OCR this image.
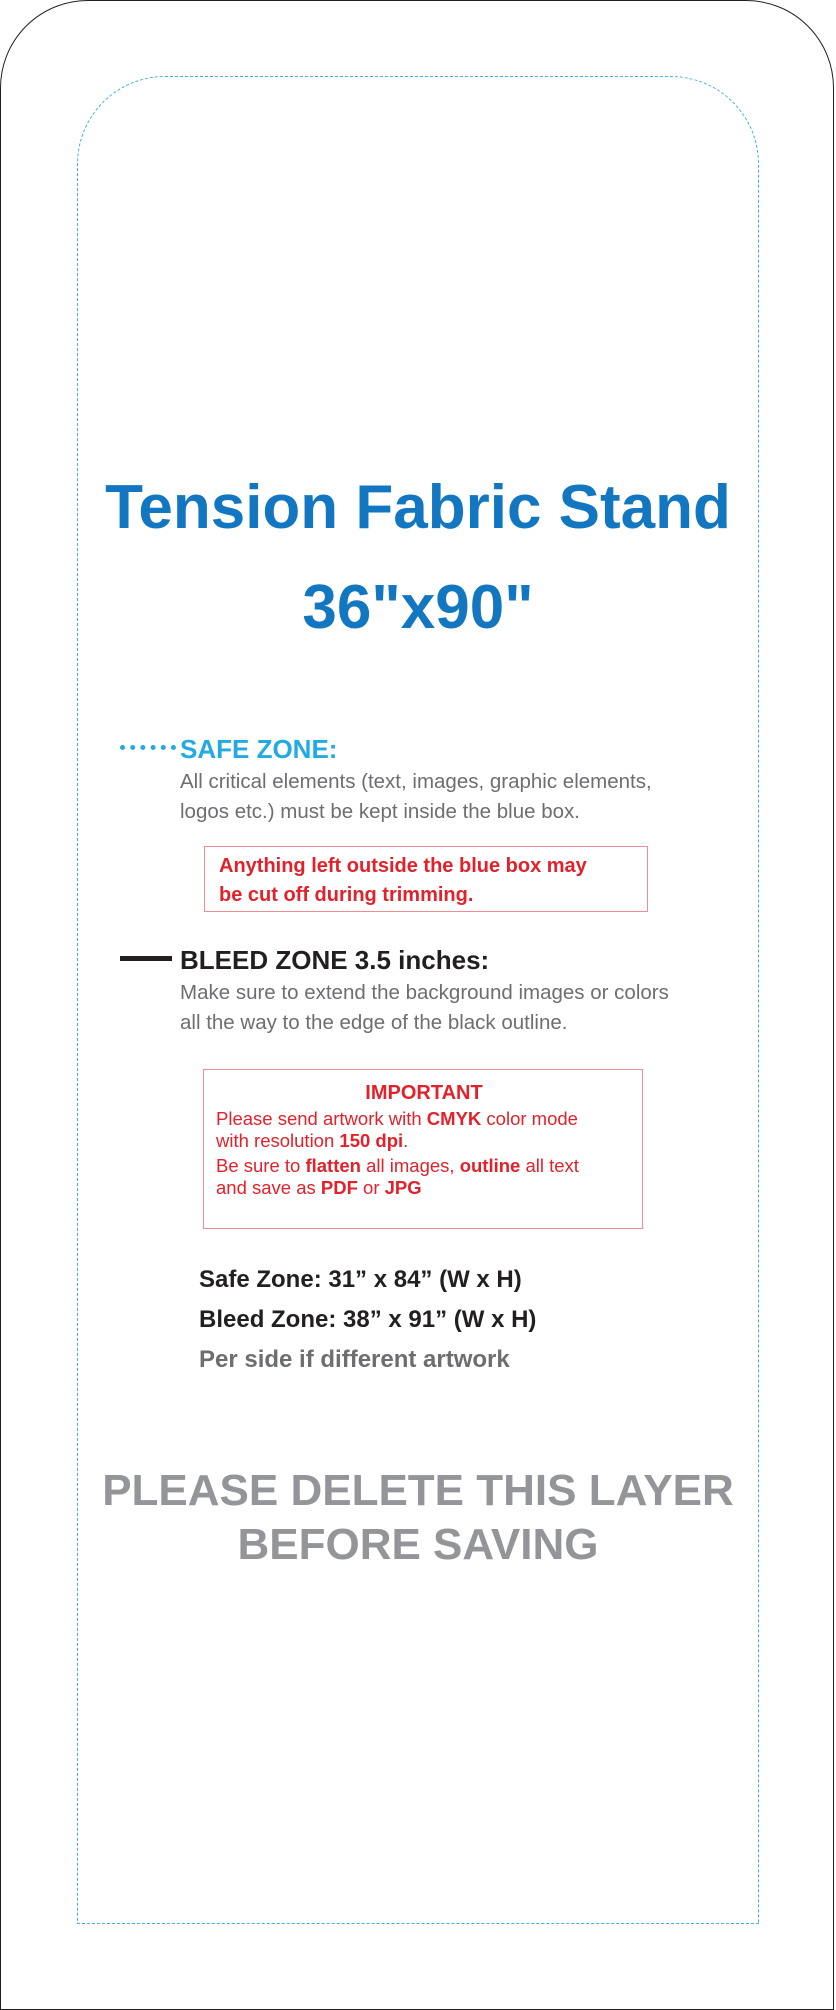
Tension Fabric Stand
36"x90"
SAFE ZONE:
All critical elements (text, images, graphic elements,
logos etc.) must be kept inside the blue box.
Anything left outside the blue box may
be cut off during trimming.
BLEED ZONE 3.5 inches:
Make sure to extend the background images or colors
all the way to the edge of the black outline.

IMPORTANT

Please send artwork with CMYK color mode

with resolution 150 dpi.

Be sure to flatten all images, outline all text

and save as PDF or JPG

Safe Zone: 31” x 84” (W x H)

Bleed Zone: 38” x 91” (W x H)

Per side if different artwork

PLEASE DELETE THIS LAYER

BEFORE SAVING
